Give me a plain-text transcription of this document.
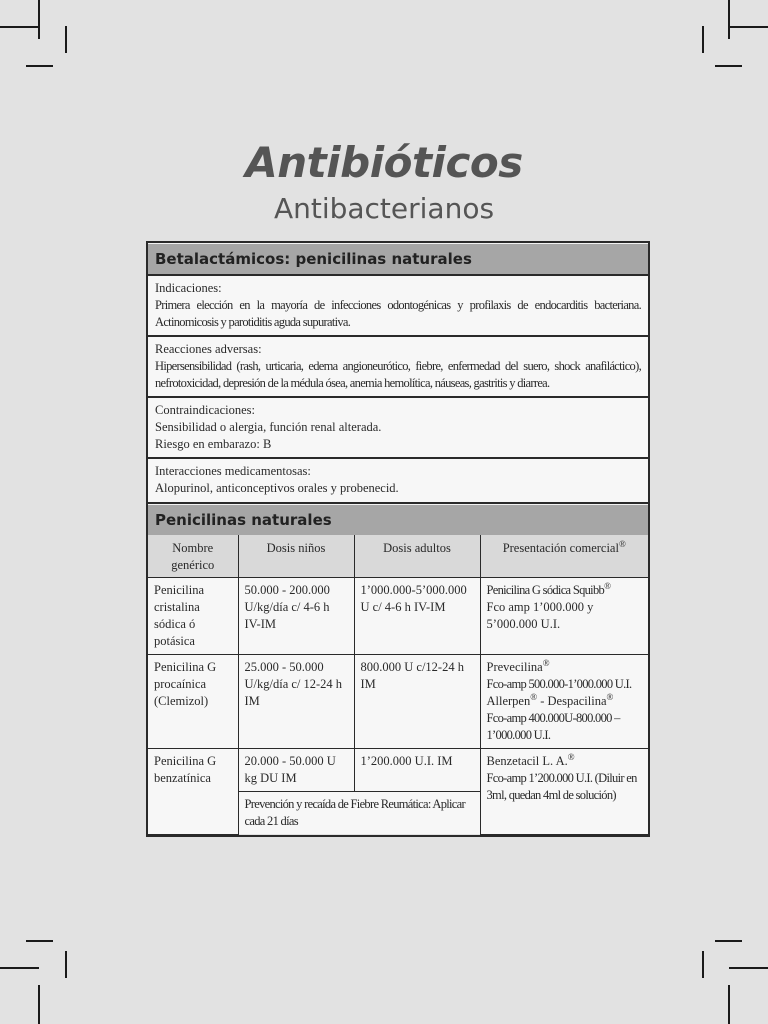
Antibióticos
Antibacterianos
Betalactámicos: penicilinas naturales
Indicaciones:
Primera elección en la mayoría de infecciones odontogénicas y profilaxis de endocarditis bacteriana. Actinomicosis y parotiditis aguda supurativa.
Reacciones adversas:
Hipersensibilidad (rash, urticaria, edema angioneurótico, fiebre, enfermedad del suero, shock anafiláctico), nefrotoxicidad, depresión de la médula ósea, anemia hemolítica, náuseas, gastritis y diarrea.
Contraindicaciones:
Sensibilidad o alergia, función renal alterada.
Riesgo en embarazo: B
Interacciones medicamentosas:
Alopurinol, anticonceptivos orales y probenecid.
Penicilinas naturales
Nombre genérico	Dosis niños	Dosis adultos	Presentación comercial®
Penicilina cristalina sódica ó potásica	50.000 - 200.000 U/kg/día c/ 4-6 h IV-IM	1’000.000-5’000.000 U c/ 4-6 h IV-IM	Penicilina G sódica Squibb®
Fco amp 1’000.000 y 5’000.000 U.I.

Penicilina G procaínica (Clemizol)	25.000 - 50.000 U/kg/día c/ 12-24 h IM	800.000 U c/12-24 h IM	Prevecilina®
Fco-amp 500.000-1’000.000 U.I.
Allerpen® - Despacilina®
Fco-amp 400.000U-800.000 – 1’000.000 U.I.

Penicilina G benzatínica	20.000 - 50.000 U kg DU IM	1’200.000 U.I. IM	Benzetacil L. A.®
Fco-amp 1’200.000 U.I. (Diluir en 3ml, quedan 4ml de solución)

	Prevención y recaída de Fiebre Reumática: Aplicar cada 21 días		
